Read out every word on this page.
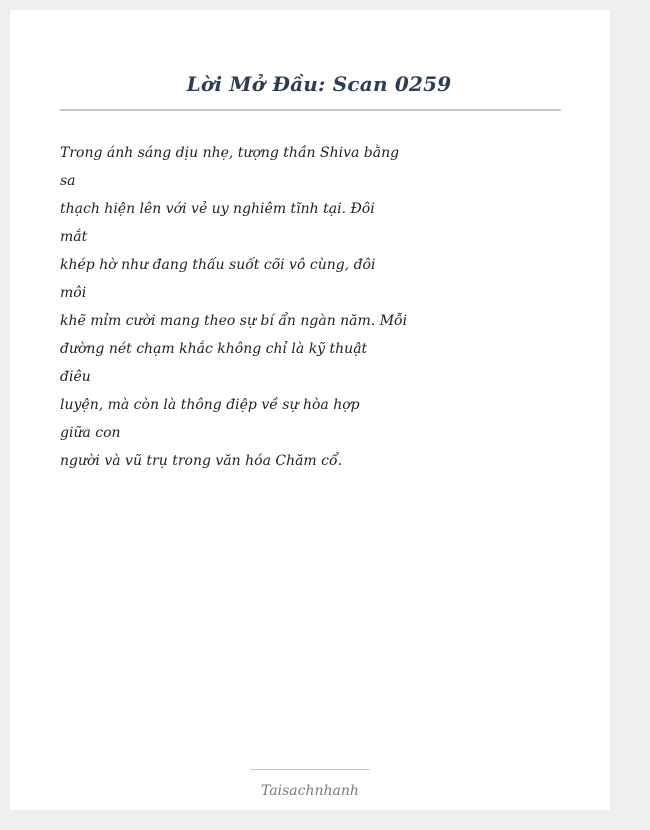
Lời Mở Đầu: Scan 0259
Trong ánh sáng dịu nhẹ, tượng thần Shiva bằng
sa
thạch hiện lên với vẻ uy nghiêm tĩnh tại. Đôi
mắt
khép hờ như đang thấu suốt cõi vô cùng, đôi
môi
khẽ mỉm cười mang theo sự bí ẩn ngàn năm. Mỗi
đường nét chạm khắc không chỉ là kỹ thuật
điêu
luyện, mà còn là thông điệp về sự hòa hợp
giữa con
người và vũ trụ trong văn hóa Chăm cổ.
Taisachnhanh
